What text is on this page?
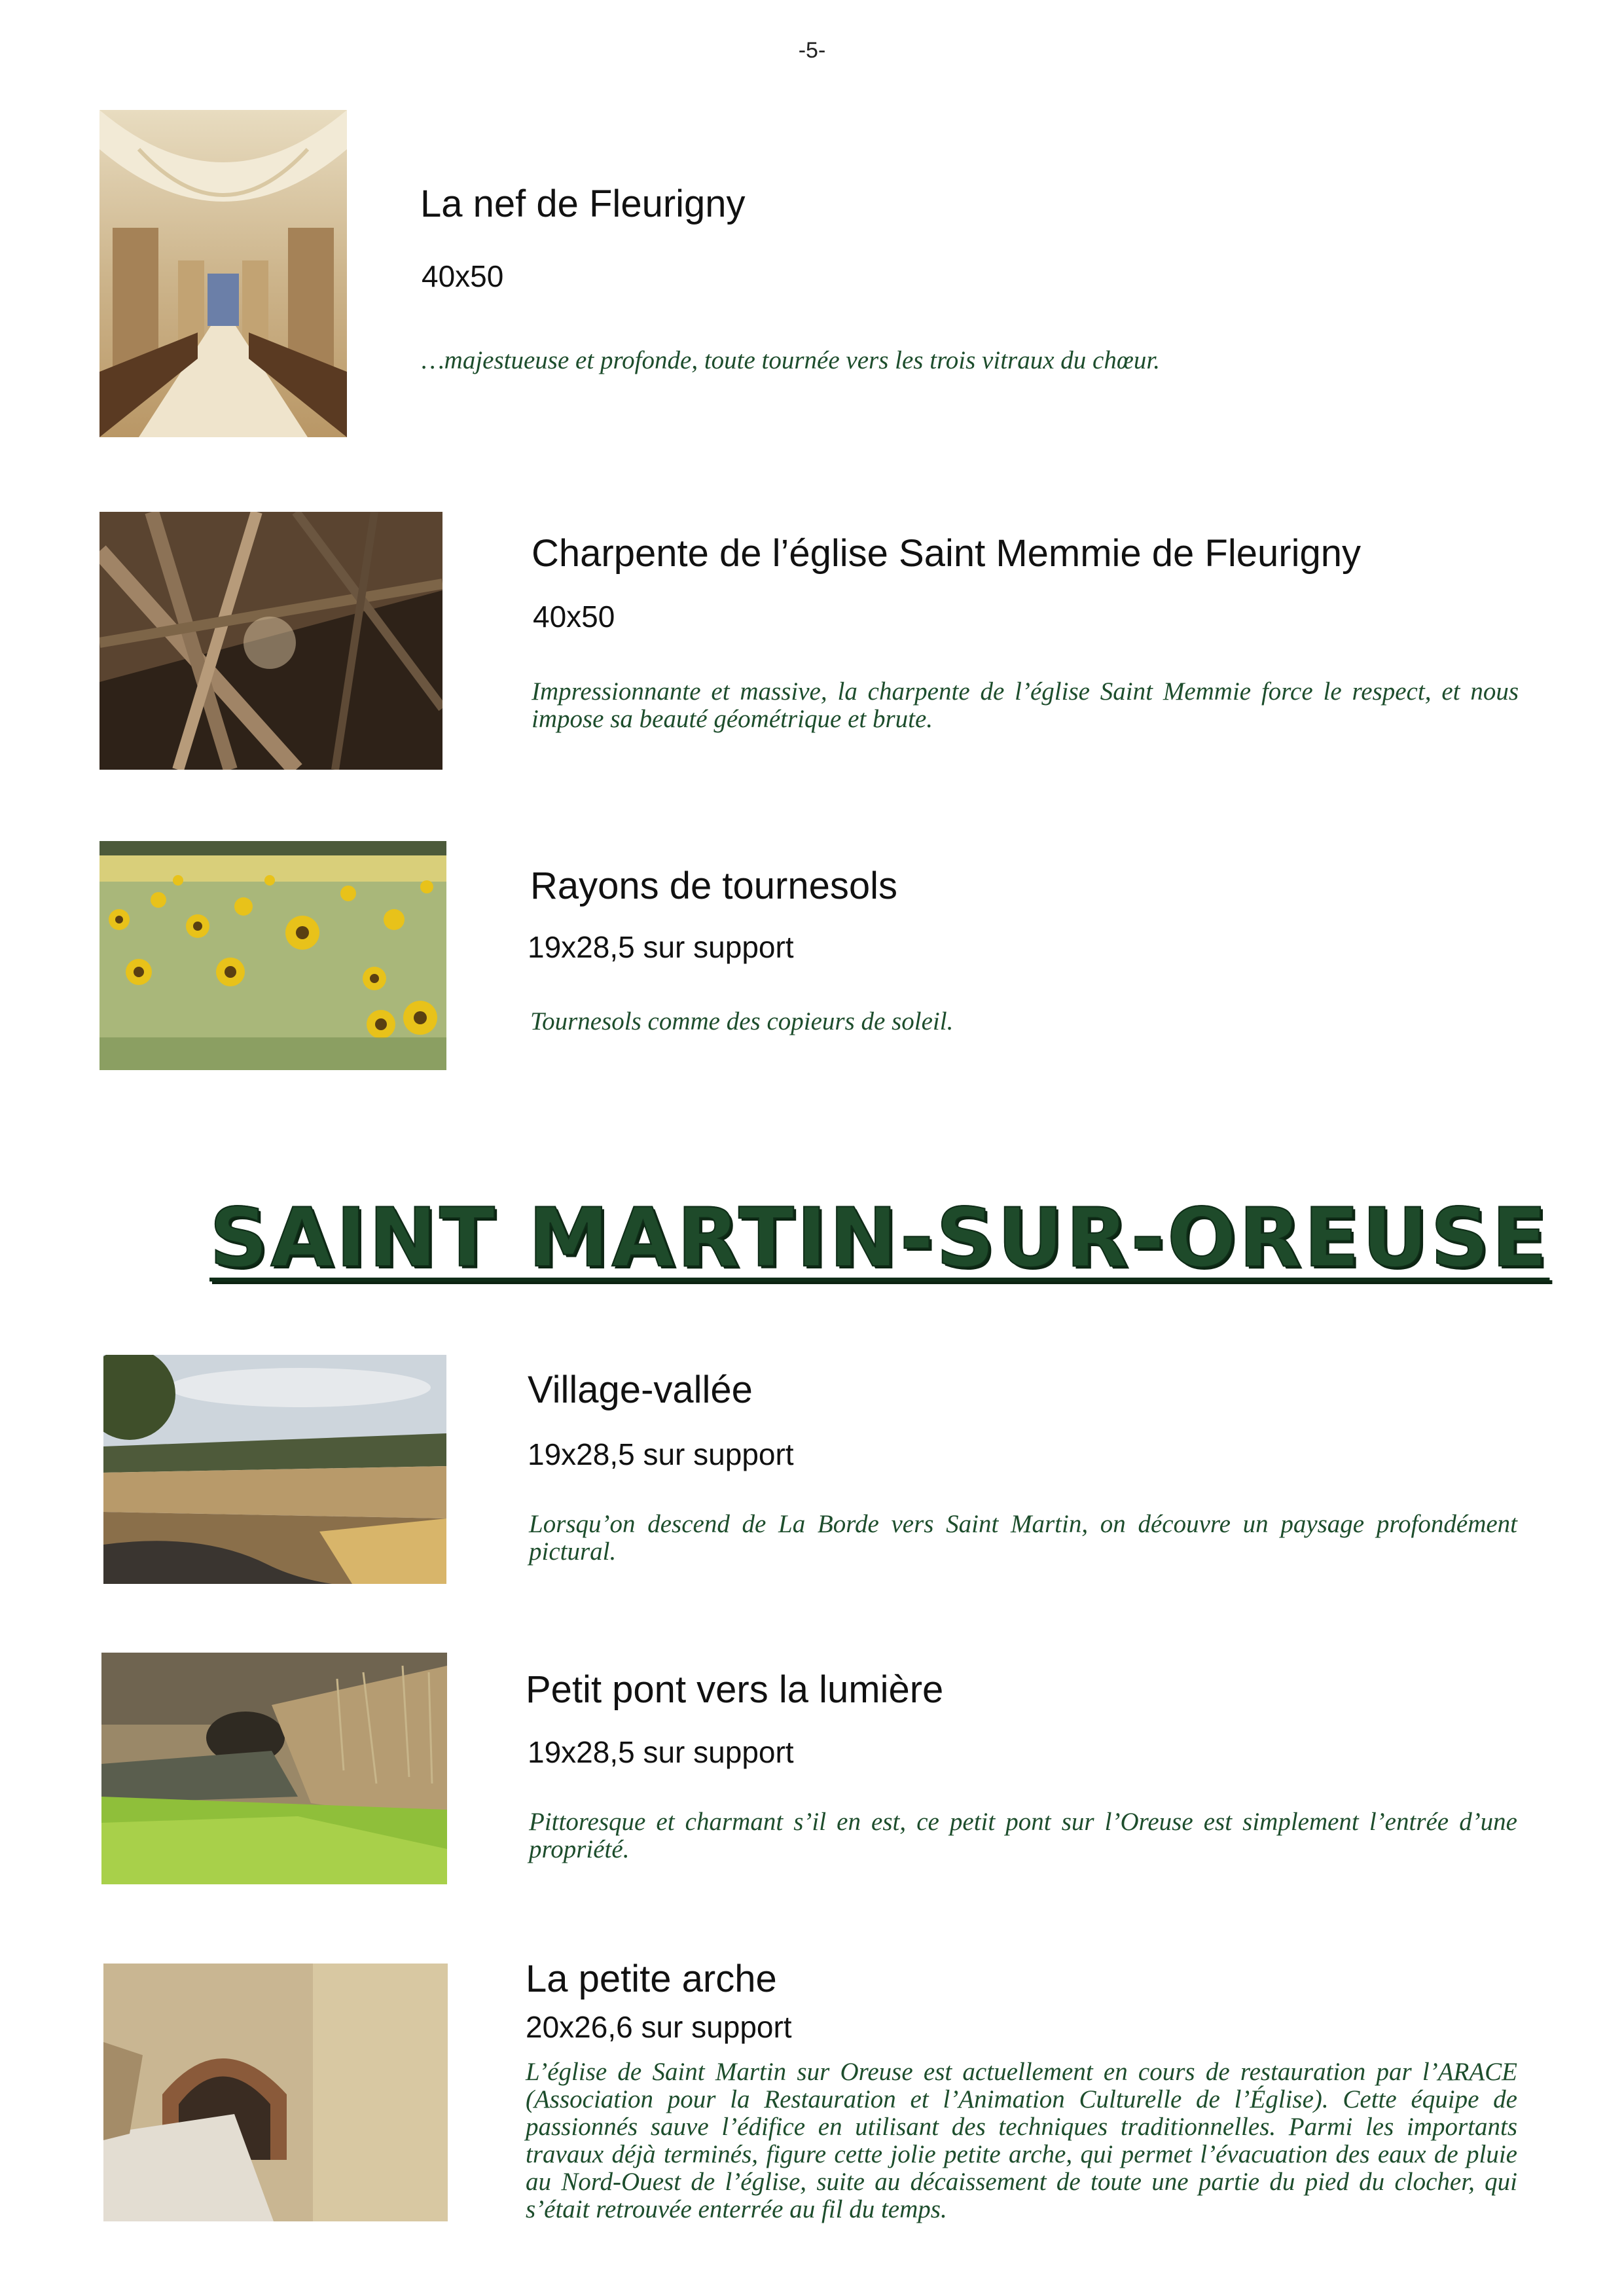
-5-
La nef de Fleurigny
40x50
…majestueuse et profonde, toute tournée vers les trois vitraux du chœur.
Charpente de l’église Saint Memmie de Fleurigny
40x50
Impressionnante et massive, la charpente de l’église Saint Memmie force le respect, et nous impose sa beauté géométrique et brute.
Rayons de tournesols
19x28,5 sur support
Tournesols comme des copieurs de soleil.
SAINT MARTIN-SUR-OREUSE
Village-vallée
19x28,5 sur support
Lorsqu’on descend de La Borde vers Saint Martin, on découvre un paysage profondément pictural.
Petit pont vers la lumière
19x28,5 sur support
Pittoresque et charmant s’il en est, ce petit pont sur l’Oreuse est simplement l’entrée d’une propriété.
La petite arche
20x26,6 sur support
L’église de Saint Martin sur Oreuse est actuellement en cours de restauration par l’ARACE (Association pour la Restauration et l’Animation Culturelle de l’Église). Cette équipe de passionnés sauve l’édifice en utilisant des techniques traditionnelles. Parmi les importants travaux déjà terminés, figure cette jolie petite arche, qui permet l’évacuation des eaux de pluie au Nord-Ouest de l’église, suite au décaissement de toute une partie du pied du clocher, qui s’était retrouvée enterrée au fil du temps.
